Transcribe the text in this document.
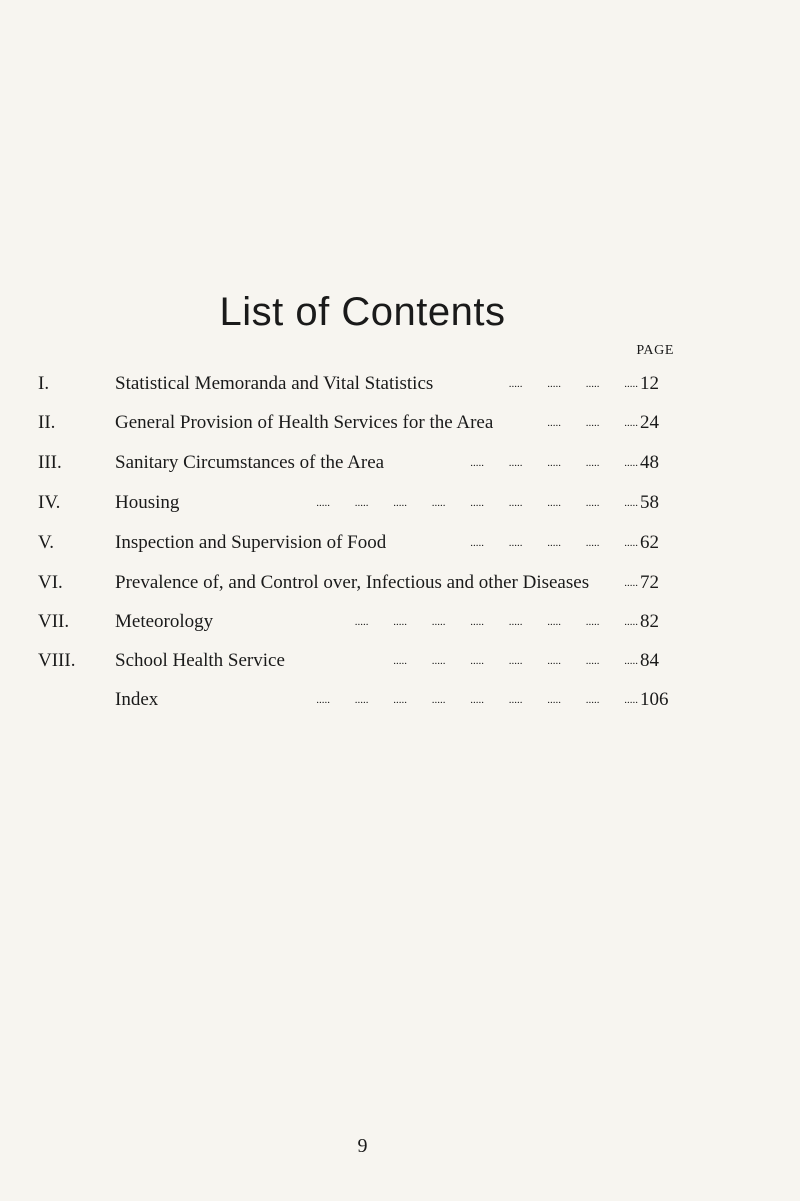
List of Contents
PAGE
I.	Statistical Memoranda and Vital Statistics	..... ..... ..... ..... 12
II.	General Provision of Health Services for the Area	..... ..... ..... 24
III.	Sanitary Circumstances of the Area	..... ..... ..... ..... ..... 48
IV.	Housing	..... ..... ..... ..... ..... ..... ..... ..... ..... 58
V.	Inspection and Supervision of Food	..... ..... ..... ..... ..... 62
VI.	Prevalence of, and Control over, Infectious and other Diseases	..... 72
VII. Meteorology	..... ..... ..... ..... ..... ..... ..... ..... 82
VIII. School Health Service	..... ..... ..... ..... ..... ..... ..... 84
Index	..... ..... ..... ..... ..... ..... ..... ..... ..... 106
9
